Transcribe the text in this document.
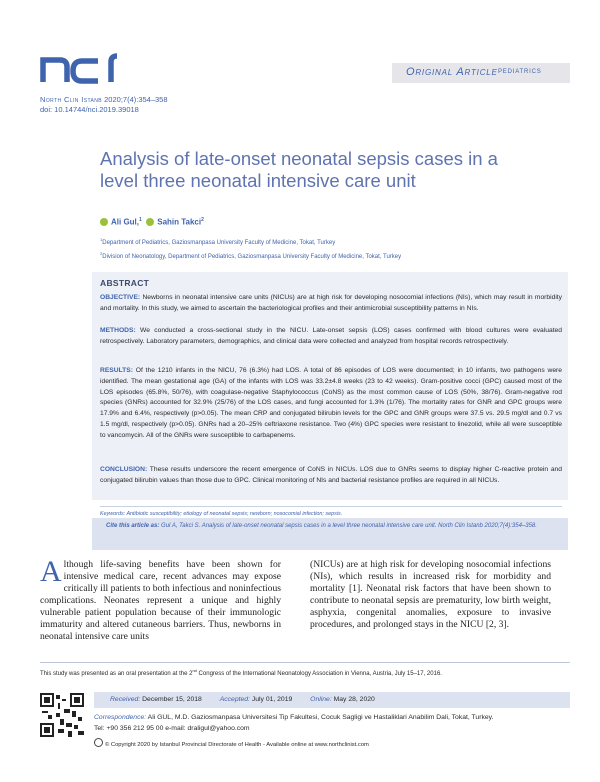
nci
Original Article PEDIATRICS
North Clin Istanb 2020;7(4):354–358
doi: 10.14744/nci.2019.39018
Analysis of late-onset neonatal sepsis cases in a level three neonatal intensive care unit
Ali Gul,$^1$ Sahin Takci$^2$
$^1$Department of Pediatrics, Gaziosmanpasa University Faculty of Medicine, Tokat, Turkey
$^2$Division of Neonatology, Department of Pediatrics, Gaziosmanpasa University Faculty of Medicine, Tokat, Turkey
ABSTRACT
OBJECTIVE: Newborns in neonatal intensive care units (NICUs) are at high risk for developing nosocomial infections (NIs), which may result in morbidity and mortality. In this study, we aimed to ascertain the bacteriological profiles and their antimicrobial susceptibility patterns in NIs.
METHODS: We conducted a cross-sectional study in the NICU. Late-onset sepsis (LOS) cases confirmed with blood cultures were evaluated retrospectively. Laboratory parameters, demographics, and clinical data were collected and analyzed from hospital records retrospectively.
RESULTS: Of the 1210 infants in the NICU, 76 (6.3%) had LOS. A total of 86 episodes of LOS were documented; in 10 infants, two pathogens were identified. The mean gestational age (GA) of the infants with LOS was 33.2±4.8 weeks (23 to 42 weeks). Gram-positive cocci (GPC) caused most of the LOS episodes (65.8%, 50/76), with coagulase-negative Staphylococcus (CoNS) as the most common cause of LOS (50%, 38/76). Gram-negative rod species (GNRs) accounted for 32.9% (25/76) of the LOS cases, and fungi accounted for 1.3% (1/76). The mortality rates for GNR and GPC groups were 17.9% and 6.4%, respectively (p>0.05). The mean CRP and conjugated bilirubin levels for the GPC and GNR groups were 37.5 vs. 29.5 mg/dl and 0.7 vs 1.5 mg/dl, respectively (p>0.05). GNRs had a 20–25% ceftriaxone resistance. Two (4%) GPC species were resistant to linezolid, while all were susceptible to vancomycin. All of the GNRs were susceptible to carbapenems.
CONCLUSION: These results underscore the recent emergence of CoNS in NICUs. LOS due to GNRs seems to display higher C-reactive protein and conjugated bilirubin values than those due to GPC. Clinical monitoring of NIs and bacterial resistance profiles are required in all NICUs.
Keywords: Antibiotic susceptibility; etiology of neonatal sepsis; newborn; nosocomial infection; sepsis.
Cite this article as: Gul A, Takci S. Analysis of late-onset neonatal sepsis cases in a level three neonatal intensive care unit. North Clin Istanb 2020;7(4):354–358.
Although life-saving benefits have been shown for intensive medical care, recent advances may expose critically ill patients to both infectious and noninfectious complications. Neonates represent a unique and highly vulnerable patient population because of their immunologic immaturity and altered cutaneous barriers. Thus, newborns in neonatal intensive care units
(NICUs) are at high risk for developing nosocomial infections (NIs), which results in increased risk for morbidity and mortality [1]. Neonatal risk factors that have been shown to contribute to neonatal sepsis are prematurity, low birth weight, asphyxia, congenital anomalies, exposure to invasive procedures, and prolonged stays in the NICU [2, 3].
This study was presented as an oral presentation at the 2nd Congress of the International Neonatology Association in Vienna, Austria, July 15–17, 2016.
Received: December 15, 2018	Accepted: July 01, 2019	Online: May 28, 2020
Correspondence: Ali GUL, M.D. Gaziosmanpasa Universitesi Tip Fakultesi, Cocuk Sagligi ve Hastaliklari Anabilim Dali, Tokat, Turkey.
Tel: +90 356 212 95 00 e-mail: draligul@yahoo.com
© Copyright 2020 by Istanbul Provincial Directorate of Health - Available online at www.northclinist.com
